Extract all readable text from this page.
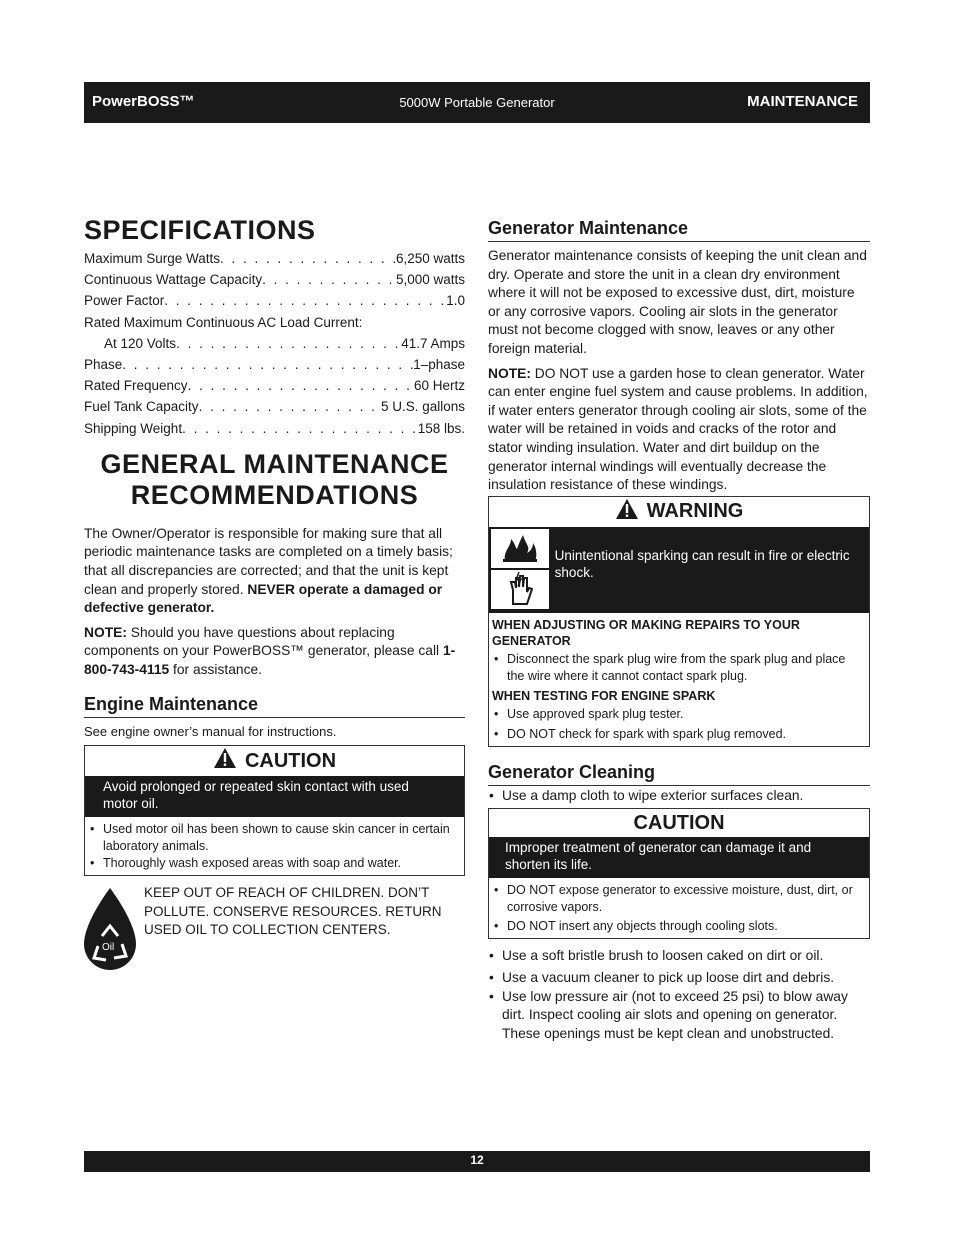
PowerBOSS™	5000W Portable Generator	MAINTENANCE
SPECIFICATIONS
Maximum Surge Watts . . .	6,250 watts
Continuous Wattage Capacity . . .	5,000 watts
Power Factor . . .	1.0
Rated Maximum Continuous AC Load Current:
At 120 Volts . . .	41.7 Amps
Phase . . .	1–phase
Rated Frequency . . .	60 Hertz
Fuel Tank Capacity . . .	5 U.S. gallons
Shipping Weight . . .	158 lbs.
GENERAL MAINTENANCE
RECOMMENDATIONS

The Owner/Operator is responsible for making sure that all periodic maintenance tasks are completed on a timely basis; that all discrepancies are corrected; and that the unit is kept clean and properly stored. NEVER operate a damaged or defective generator.

NOTE: Should you have questions about replacing components on your PowerBOSS™ generator, please call 1-800-743-4115 for assistance.

Engine Maintenance

See engine owner’s manual for instructions.

CAUTION
Avoid prolonged or repeated skin contact with used motor oil.
• Used motor oil has been shown to cause skin cancer in certain laboratory animals.
• Thoroughly wash exposed areas with soap and water.
Oil

KEEP OUT OF REACH OF CHILDREN. DON’T POLLUTE. CONSERVE RESOURCES. RETURN USED OIL TO COLLECTION CENTERS.

Generator Maintenance

Generator maintenance consists of keeping the unit clean and dry. Operate and store the unit in a clean dry environment where it will not be exposed to excessive dust, dirt, moisture or any corrosive vapors. Cooling air slots in the generator must not become clogged with snow, leaves or any other foreign material.

NOTE: DO NOT use a garden hose to clean generator. Water can enter engine fuel system and cause problems. In addition, if water enters generator through cooling air slots, some of the water will be retained in voids and cracks of the rotor and stator winding insulation. Water and dirt buildup on the generator internal windings will eventually decrease the insulation resistance of these windings.

WARNING
Unintentional sparking can result in fire or electric shock.
WHEN ADJUSTING OR MAKING REPAIRS TO YOUR GENERATOR
• Disconnect the spark plug wire from the spark plug and place the wire where it cannot contact spark plug.
WHEN TESTING FOR ENGINE SPARK
• Use approved spark plug tester.
• DO NOT check for spark with spark plug removed.
Generator Cleaning
• Use a damp cloth to wipe exterior surfaces clean.
CAUTION
Improper treatment of generator can damage it and shorten its life.
• DO NOT expose generator to excessive moisture, dust, dirt, or corrosive vapors.
• DO NOT insert any objects through cooling slots.
• Use a soft bristle brush to loosen caked on dirt or oil.
• Use a vacuum cleaner to pick up loose dirt and debris.
• Use low pressure air (not to exceed 25 psi) to blow away dirt. Inspect cooling air slots and opening on generator. These openings must be kept clean and unobstructed.
12
